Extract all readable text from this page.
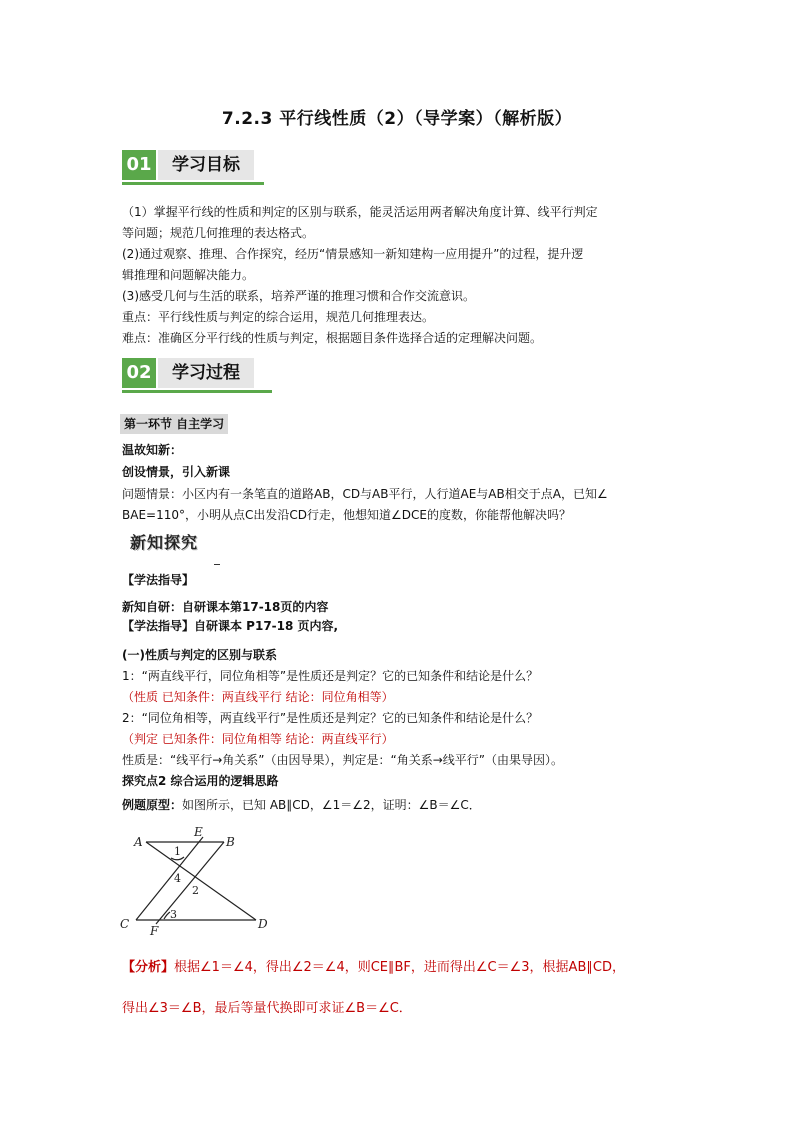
7.2.3 平行线性质（2）（导学案）（解析版）
01	学习目标
（1）掌握平行线的性质和判定的区别与联系，能灵活运用两者解决角度计算、线平行判定
等问题；规范几何推理的表达格式。
(2)通过观察、推理、合作探究，经历“情景感知一新知建构一应用提升”的过程，提升逻
辑推理和问题解决能力。
(3)感受几何与生活的联系，培养严谨的推理习惯和合作交流意识。
重点：平行线性质与判定的综合运用，规范几何推理表达。
难点：准确区分平行线的性质与判定，根据题目条件选择合适的定理解决问题。
02	学习过程
第一环节 自主学习
温故知新：
创设情景，引入新课
问题情景：小区内有一条笔直的道路AB，CD与AB平行，人行道AE与AB相交于点A，已知∠
BAE=110°，小明从点C出发沿CD行走，他想知道∠DCE的度数，你能帮他解决吗？
新知探究
【学法指导】
新知自研：自研课本第17-18页的内容
【学法指导】自研课本 P17-18 页内容,
(一)性质与判定的区别与联系
1：“两直线平行，同位角相等”是性质还是判定？它的已知条件和结论是什么？
（性质 已知条件：两直线平行 结论：同位角相等）
2：“同位角相等，两直线平行”是性质还是判定？它的已知条件和结论是什么？
（判定 已知条件：同位角相等 结论：两直线平行）
性质是：“线平行→角关系”（由因导果），判定是：“角关系→线平行”（由果导因）。
探究点2 综合运用的逻辑思路
例题原型：如图所示，已知 AB∥CD，∠1＝∠2，证明：∠B＝∠C．
A	B
E
C	D
F
1
4
2
3
【分析】根据∠1＝∠4，得出∠2＝∠4，则CE∥BF，进而得出∠C＝∠3，根据AB∥CD，
得出∠3＝∠B，最后等量代换即可求证∠B＝∠C．
